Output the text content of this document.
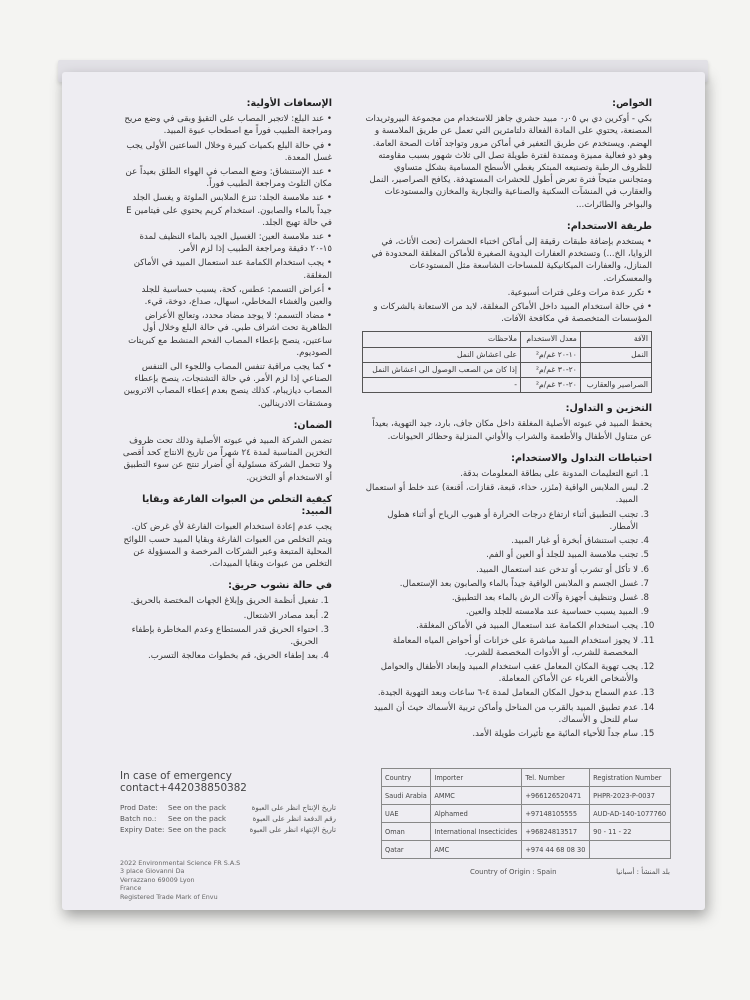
الخواص:

بكي - أوكرين دي بي ٠٫٠٥ مبيد حشري جاهز للاستخدام من مجموعة البيروثريدات المصنعة، يحتوي على المادة الفعالة دلتامثرين التي تعمل عن طريق الملامسة و الهضم. ويستخدم عن طريق التعفير في أماكن مرور وتواجد آفات الصحة العامة. وهو ذو فعالية مميزة وممتدة لفترة طويلة تصل الى ثلاث شهور بسبب مقاومته للظروف الرطبة وتصنيعه المبتكر يغطي الأسطح المسامية بشكل متساوي ومتجانس متيحاً فترة تعرض أطول للحشرات المستهدفة. يكافح الصراصير، النمل والعقارب في المنشآت السكنية والصناعية والتجارية والمخازن والمستودعات والبواخر والطائرات...

طريقة الاستخدام:

• يستخدم بإضافة طبقات رقيقة إلى أماكن اختباء الحشرات (تحت الأثاث، في الزوايا، الخ...) وتستخدم العفارات اليدوية الصغيرة للأماكن المغلقة المحدودة في المنازل، والعفارات الميكانيكية للمساحات الشاسعة مثل المستودعات والمعسكرات.

• تكرر عدة مرات وعلى فترات أسبوعية.

• في حالة استخدام المبيد داخل الأماكن المغلقة، لابد من الاستعانة بالشركات و المؤسسات المتخصصة في مكافحة الآفات.

الآفة	معدل الاستخدام	ملاحظات
النمل	١٠-٢٠ غم/م²	على اعشاش النمل
	٢٠-٣٠ غم/م²	إذا كان من الصعب الوصول الى اعشاش النمل
الصراصير والعقارب	٢٠-٣٠ غم/م²	-
التخزين و التداول:

يحفظ المبيد في عبوته الأصلية المغلقة داخل مكان جاف، بارد، جيد التهوية، بعيداً عن متناول الأطفال والأطعمة والشراب والأواني المنزلية وحظائر الحيوانات.

احتياطات التداول والاستخدام:
1. اتبع التعليمات المدونة على بطاقة المعلومات بدقة.
2. لبس الملابس الواقية (مئزر، حذاء، قبعة، قفازات، أقنعة) عند خلط أو استعمال المبيد.
3. تجنب التطبيق أثناء ارتفاع درجات الحرارة أو هبوب الرياح أو أثناء هطول الأمطار.
4. تجنب استنشاق أبخرة أو غبار المبيد.
5. تجنب ملامسة المبيد للجلد أو العين أو الفم.
6. لا تأكل أو تشرب أو تدخن عند استعمال المبيد.
7. غسل الجسم و الملابس الواقية جيداً بالماء والصابون بعد الإستعمال.
8. غسل وتنظيف أجهزة وآلات الرش بالماء بعد التطبيق.
9. المبيد يسبب حساسية عند ملامسته للجلد والعين.
10. يجب استخدام الكمامة عند استعمال المبيد في الأماكن المغلقة.
11. لا يجوز استخدام المبيد مباشرة على خزانات أو أحواض المياه المعاملة المخصصة للشرب، أو الأدوات المخصصة للشرب.
12. يجب تهوية المكان المعامل عقب استخدام المبيد وإبعاد الأطفال والحوامل والأشخاص الغرباء عن الأماكن المعاملة.
13. عدم السماح بدخول المكان المعامل لمدة ٤-٦ ساعات وبعد التهوية الجيدة.
14. عدم تطبيق المبيد بالقرب من المناحل وأماكن تربية الأسماك حيث أن المبيد سام للنحل و الأسماك.
15. سام جداً للأحياء المائية مع تأثيرات طويلة الأمد.
الإسعافات الأولية:

• عند البلع: لاتجبر المصاب على التقيؤ وبقى في وضع مريح ومراجعة الطبيب فوراً مع اصطحاب عبوة المبيد.

• في حالة البلع بكميات كبيرة وخلال الساعتين الأولى يجب غسل المعدة.

• عند الإستنشاق: وضع المصاب في الهواء الطلق بعيداً عن مكان التلوث ومراجعة الطبيب فوراً.

• عند ملامسة الجلد: تنزع الملابس الملوثة و يغسل الجلد جيداً بالماء والصابون. استخدام كريم يحتوي على فيتامين E في حالة تهيج الجلد.

• عند ملامسة العين: الغسيل الجيد بالماء النظيف لمدة ١٥-٢٠ دقيقة ومراجعة الطبيب إذا لزم الأمر.

• يجب استخدام الكمامة عند استعمال المبيد في الأماكن المغلقة.

• أعراض التسمم: عطس، كحة، يسبب حساسية للجلد والعين والغشاء المخاطي، اسهال، صداع، دوخة، قيء.

• مضاد التسمم: لا يوجد مضاد محدد، وتعالج الأعراض الظاهرية تحت اشراف طبي. في حالة البلع وخلال أول ساعتين، ينصح بإعطاء المصاب الفحم المنشط مع كبريتات الصوديوم.

• كما يجب مراقبة تنفس المصاب واللجوء الى التنفس الصناعي إذا لزم الأمر. في حالة التشنجات، ينصح بإعطاء المصاب ديازيبام، كذلك ينصح بعدم إعطاء المصاب الاتروبين ومشتقات الادرينالين.

الضمان:

تضمن الشركة المبيد في عبوته الأصلية وذلك تحت ظروف التخزين المناسبة لمدة ٢٤ شهراً من تاريخ الانتاج كحد أقصى ولا تتحمل الشركة مسئولية أي أضرار تنتج عن سوء التطبيق أو الاستخدام أو التخزين.

كيفية التخلص من العبوات الفارغة وبقايا المبيد:

يجب عدم إعادة استخدام العبوات الفارغة لأي غرض كان. ويتم التخلص من العبوات الفارغة وبقايا المبيد حسب اللوائح المحلية المتبعة وعبر الشركات المرخصة و المسؤولة عن التخلص من عبوات وبقايا المبيدات.

في حالة نشوب حريق:
1. تفعيل أنظمة الحريق وإبلاغ الجهات المختصة بالحريق.
2. أبعد مصادر الاشتعال.
3. احتواء الحريق قدر المستطاع وعدم المخاطرة بإطفاء الحريق.
4. بعد إطفاء الحريق، قم بخطوات معالجة التسرب.
In case of emergency contact+442038850382
Prod Date:	See on the pack	تاريخ الإنتاج انظر على العبوة
Batch no.:	See on the pack	رقم الدفعة انظر على العبوة
Expiry Date: See on the pack	تاريخ الإنتهاء انظر على العبوة
2022 Environmental Science FR S.A.S
3 place Giovanni Da
Verrazzano 69009 Lyon
France
Registered Trade Mark of Envu
Country	Importer	Tel. Number	Registration Number
Saudi Arabia	AMMC	+966126520471	PHPR-2023-P-0037
UAE	Alphamed	+97148105555	AUD-AD-140-1077760
Oman	International Insecticides	+96824813517	90 - 11 - 22
Qatar	AMC	+974 44 68 08 30	
Country of Origin : Spain	بلد المنشأ : أسبانيا
